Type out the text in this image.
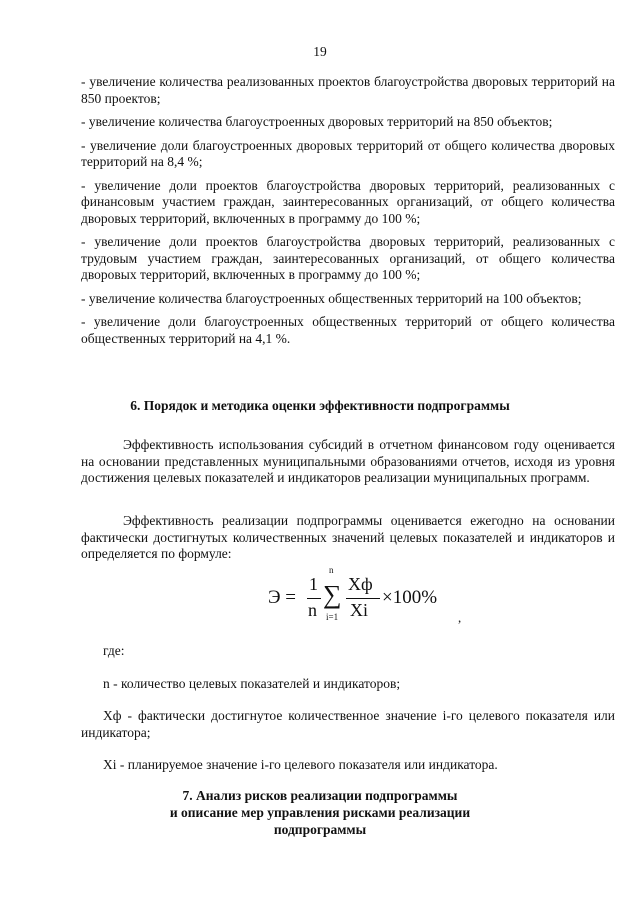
19

- увеличение количества реализованных проектов благоустройства дворовых территорий на 850 проектов;

- увеличение количества благоустроенных дворовых территорий на 850 объектов;

- увеличение доли благоустроенных дворовых территорий от общего количества дворовых территорий на 8,4 %;

- увеличение доли проектов благоустройства дворовых территорий, реализованных с финансовым участием граждан, заинтересованных организаций, от общего количества дворовых территорий, включенных в программу до 100 %;

- увеличение доли проектов благоустройства дворовых территорий, реализованных с трудовым участием граждан, заинтересованных организаций, от общего количества дворовых территорий, включенных в программу до 100 %;

- увеличение количества благоустроенных общественных территорий на 100 объектов;

- увеличение доли благоустроенных общественных территорий от общего количества общественных территорий на 4,1 %.

6. Порядок и методика оценки эффективности подпрограммы

Эффективность использования субсидий в отчетном финансовом году оценивается на основании представленных муниципальными образованиями отчетов, исходя из уровня достижения целевых показателей и индикаторов реализации муниципальных программ.

Эффективность реализации подпрограммы оценивается ежегодно на основании фактически достигнутых количественных значений целевых показателей и индикаторов и определяется по формуле:

Э =
1
n
n
∑
i=1
Хф
Хi
×100%
,

где:

n - количество целевых показателей и индикаторов;

Хф - фактически достигнутое количественное значение i-го целевого показателя или индикатора;

Хi - планируемое значение i-го целевого показателя или индикатора.

7. Анализ рисков реализации подпрограммы
и описание мер управления рисками реализации
подпрограммы
